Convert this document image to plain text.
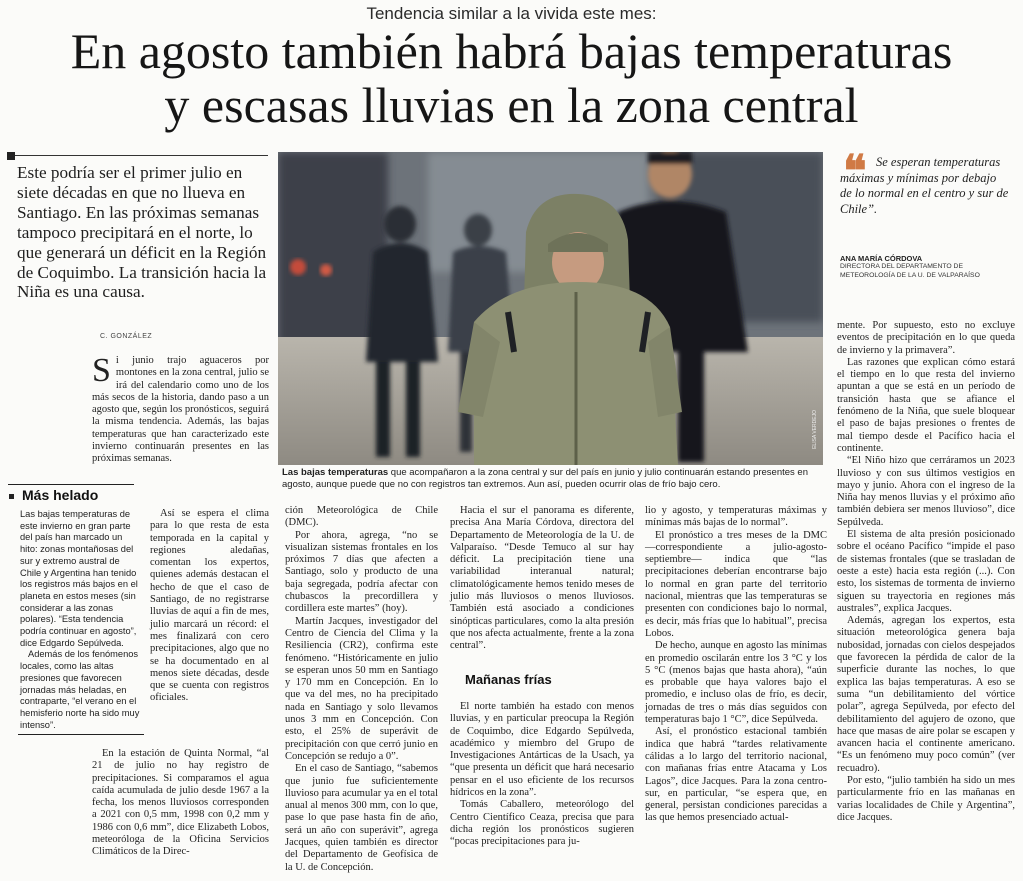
Tendencia similar a la vivida este mes:
En agosto también habrá bajas temperaturas
y escasas lluvias en la zona central
Este podría ser el primer julio en siete décadas en que no llueva en Santiago. En las próximas semanas tampoco precipitará en el norte, lo que generará un déficit en la Región de Coquimbo. La transición hacia la Niña es una causa.
C. GONZÁLEZ

Si junio trajo aguaceros por montones en la zona central, julio se irá del calendario como uno de los más secos de la historia, dando paso a un agosto que, según los pronósticos, seguirá la misma tendencia. Además, las bajas temperaturas que han caracterizado este invierno continuarán presentes en las próximas semanas.

Así se espera el clima para lo que resta de esta temporada en la capital y regiones aledañas, comentan los expertos, quienes además destacan el hecho de que el caso de Santiago, de no registrarse lluvias de aquí a fin de mes, julio marcará un récord: el mes finalizará con cero precipitaciones, algo que no se ha documentado en al menos siete décadas, desde que se cuenta con registros oficiales.

En la estación de Quinta Normal, “al 21 de julio no hay registro de precipitaciones. Si comparamos el agua caída acumulada de julio desde 1967 a la fecha, los menos lluviosos corresponden a 2021 con 0,5 mm, 1998 con 0,2 mm y 1986 con 0,6 mm”, dice Elizabeth Lobos, meteoróloga de la Oficina Servicios Climáticos de la Direc-

Más helado

Las bajas temperaturas de este invierno en gran parte del país han marcado un hito: zonas montañosas del sur y extremo austral de Chile y Argentina han tenido los registros más bajos en el planeta en estos meses (sin considerar a las zonas polares). “Esta tendencia podría continuar en agosto”, dice Edgardo Sepúlveda.

Además de los fenómenos locales, como las altas presiones que favorecen jornadas más heladas, en contraparte, “el verano en el hemisferio norte ha sido muy intenso”.

ELISA VERDEJO
Las bajas temperaturas que acompañaron a la zona central y sur del país en junio y julio continuarán estando presentes en agosto, aunque puede que no con registros tan extremos. Aun así, pueden ocurrir olas de frío bajo cero.
❝ Se esperan temperaturas máximas y mínimas por debajo de lo normal en el centro y sur de Chile”.
ANA MARÍA CÓRDOVA
DIRECTORA DEL DEPARTAMENTO DE METEOROLOGÍA DE LA U. DE VALPARAÍSO

ción Meteorológica de Chile (DMC).

Por ahora, agrega, “no se visualizan sistemas frontales en los próximos 7 días que afecten a Santiago, solo y producto de una baja segregada, podría afectar con chubascos la precordillera y cordillera este martes” (hoy).

Martín Jacques, investigador del Centro de Ciencia del Clima y la Resiliencia (CR2), confirma este fenómeno. “Históricamente en julio se esperan unos 50 mm en Santiago y 170 mm en Concepción. En lo que va del mes, no ha precipitado nada en Santiago y solo llevamos unos 3 mm en Concepción. Con esto, el 25% de superávit de precipitación con que cerró junio en Concepción se redujo a 0”.

En el caso de Santiago, “sabemos que junio fue suficientemente lluvioso para acumular ya en el total anual al menos 300 mm, con lo que, pase lo que pase hasta fin de año, será un año con superávit”, agrega Jacques, quien también es director del Departamento de Geofísica de la U. de Concepción.

Hacia el sur el panorama es diferente, precisa Ana María Córdova, directora del Departamento de Meteorología de la U. de Valparaíso. “Desde Temuco al sur hay déficit. La precipitación tiene una variabilidad interanual natural; climatológicamente hemos tenido meses de julio más lluviosos o menos lluviosos. También está asociado a condiciones sinópticas particulares, como la alta presión que nos afecta actualmente, frente a la zona central”.

Mañanas frías

El norte también ha estado con menos lluvias, y en particular preocupa la Región de Coquimbo, dice Edgardo Sepúlveda, académico y miembro del Grupo de Investigaciones Antárticas de la Usach, ya “que presenta un déficit que hará necesario pensar en el uso eficiente de los recursos hídricos en la zona”.

Tomás Caballero, meteorólogo del Centro Científico Ceaza, precisa que para dicha región los pronósticos sugieren “pocas precipitaciones para ju-

lio y agosto, y temperaturas máximas y mínimas más bajas de lo normal”.

El pronóstico a tres meses de la DMC —correspondiente a julio-agosto-septiembre— indica que “las precipitaciones deberían encontrarse bajo lo normal en gran parte del territorio nacional, mientras que las temperaturas se presenten con condiciones bajo lo normal, es decir, más frías que lo habitual”, precisa Lobos.

De hecho, aunque en agosto las mínimas en promedio oscilarán entre los 3 °C y los 5 °C (menos bajas que hasta ahora), “aún es probable que haya valores bajo el promedio, e incluso olas de frío, es decir, jornadas de tres o más días seguidos con temperaturas bajo 1 °C”, dice Sepúlveda.

Así, el pronóstico estacional también indica que habrá “tardes relativamente cálidas a lo largo del territorio nacional, con mañanas frías entre Atacama y Los Lagos”, dice Jacques. Para la zona centro-sur, en particular, “se espera que, en general, persistan condiciones parecidas a las que hemos presenciado actual-

mente. Por supuesto, esto no excluye eventos de precipitación en lo que queda de invierno y la primavera”.

Las razones que explican cómo estará el tiempo en lo que resta del invierno apuntan a que se está en un período de transición hasta que se afiance el fenómeno de la Niña, que suele bloquear el paso de bajas presiones o frentes de mal tiempo desde el Pacífico hacia el continente.

“El Niño hizo que cerráramos un 2023 lluvioso y con sus últimos vestigios en mayo y junio. Ahora con el ingreso de la Niña hay menos lluvias y el próximo año también debiera ser menos lluvioso”, dice Sepúlveda.

El sistema de alta presión posicionado sobre el océano Pacífico “impide el paso de sistemas frontales (que se trasladan de oeste a este) hacia esta región (...). Con esto, los sistemas de tormenta de invierno siguen su trayectoria en regiones más australes”, explica Jacques.

Además, agregan los expertos, esta situación meteorológica genera baja nubosidad, jornadas con cielos despejados que favorecen la pérdida de calor de la superficie durante las noches, lo que explica las bajas temperaturas. A eso se suma “un debilitamiento del vórtice polar”, agrega Sepúlveda, por efecto del debilitamiento del agujero de ozono, que hace que masas de aire polar se escapen y avancen hacia el continente americano. “Es un fenómeno muy poco común” (ver recuadro).

Por esto, “julio también ha sido un mes particularmente frío en las mañanas en varias localidades de Chile y Argentina”, dice Jacques.
